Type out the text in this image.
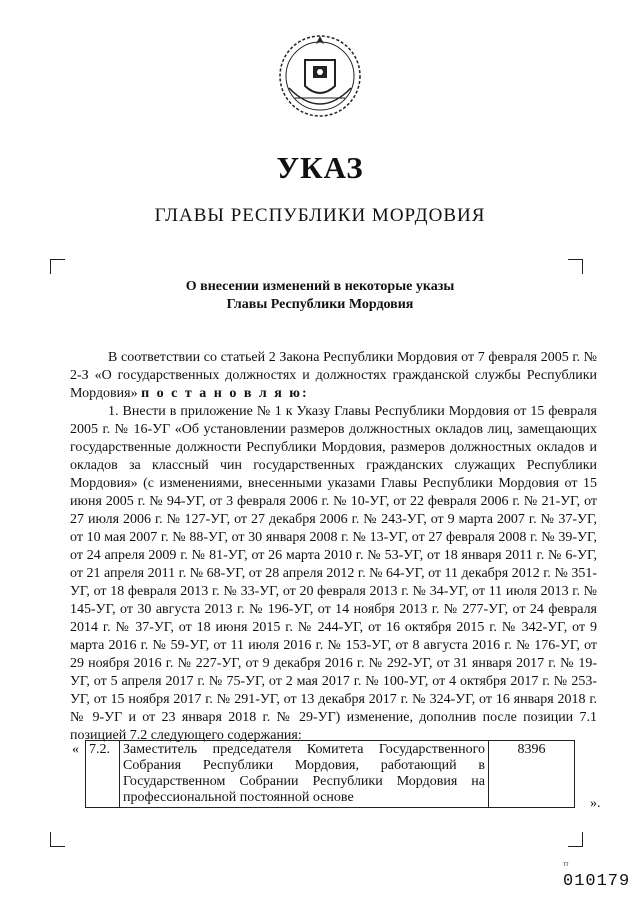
УКАЗ
ГЛАВЫ РЕСПУБЛИКИ МОРДОВИЯ
О внесении изменений в некоторые указы
Главы Республики Мордовия

В соответствии со статьей 2 Закона Республики Мордовия от 7 февраля 2005 г. № 2-З «О государственных должностях и должностях гражданской службы Республики Мордовия» п о с т а н о в л я ю:

1. Внести в приложение № 1 к Указу Главы Республики Мордовия от 15 февраля 2005 г. № 16-УГ «Об установлении размеров должностных окладов лиц, замещающих государственные должности Республики Мордовия, размеров должностных окладов и окладов за классный чин государственных гражданских служащих Республики Мордовия» (с изменениями, внесенными указами Главы Республики Мордовия от 15 июня 2005 г. № 94-УГ, от 3 февраля 2006 г. № 10-УГ, от 22 февраля 2006 г. № 21-УГ, от 27 июля 2006 г. № 127-УГ, от 27 декабря 2006 г. № 243-УГ, от 9 марта 2007 г. № 37-УГ, от 10 мая 2007 г. № 88-УГ, от 30 января 2008 г. № 13-УГ, от 27 февраля 2008 г. № 39-УГ, от 24 апреля 2009 г. № 81-УГ, от 26 марта 2010 г. № 53-УГ, от 18 января 2011 г. № 6-УГ, от 21 апреля 2011 г. № 68-УГ, от 28 апреля 2012 г. № 64-УГ, от 11 декабря 2012 г. № 351-УГ, от 18 февраля 2013 г. № 33-УГ, от 20 февраля 2013 г. № 34-УГ, от 11 июля 2013 г. № 145-УГ, от 30 августа 2013 г. № 196-УГ, от 14 ноября 2013 г. № 277-УГ, от 24 февраля 2014 г. № 37-УГ, от 18 июня 2015 г. № 244-УГ, от 16 октября 2015 г. № 342-УГ, от 9 марта 2016 г. № 59-УГ, от 11 июля 2016 г. № 153-УГ, от 8 августа 2016 г. № 176-УГ, от 29 ноября 2016 г. № 227-УГ, от 9 декабря 2016 г. № 292-УГ, от 31 января 2017 г. № 19-УГ, от 5 апреля 2017 г. № 75-УГ, от 2 мая 2017 г. № 100-УГ, от 4 октября 2017 г. № 253-УГ, от 15 ноября 2017 г. № 291-УГ, от 13 декабря 2017 г. № 324-УГ, от 16 января 2018 г. № 9-УГ и от 23 января 2018 г. № 29-УГ) изменение, дополнив после позиции 7.1 позицией 7.2 следующего содержания:

« 7.2.	Заместитель председателя Комитета Государственного Собрания Республики Мордовия, работающий в Государственном Собрании Республики Мордовия на профессиональной постоянной основе	8396
».
тт
010179
